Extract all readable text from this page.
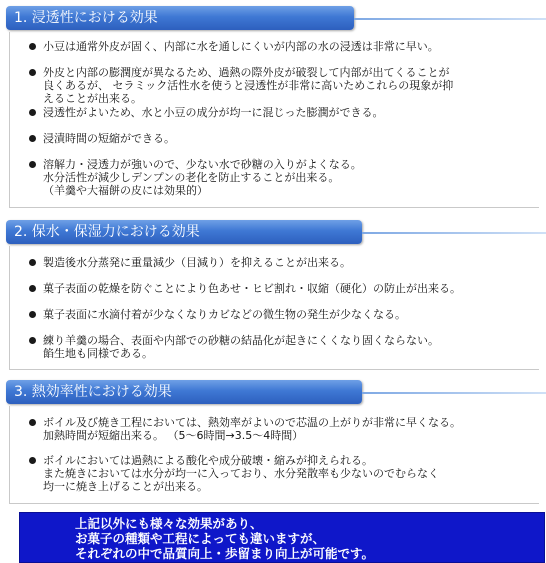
1. 浸透性における効果
小豆は通常外皮が固く、内部に水を通しにくいが内部の水の浸透は非常に早い。
外皮と内部の膨潤度が異なるため、過熱の際外皮が破裂して内部が出てくることが
良くあるが、 セラミック活性水を使うと浸透性が非常に高いためこれらの現象が抑
えることが出来る。
浸透性がよいため、水と小豆の成分が均一に混じった膨潤ができる。
浸漬時間の短縮ができる。
溶解力・浸透力が強いので、少ない水で砂糖の入りがよくなる。
水分活性が減少しデンプンの老化を防止することが出来る。
（羊羹や大福餅の皮には効果的）
2. 保水・保湿力における効果
製造後水分蒸発に重量減少（目減り）を抑えることが出来る。
菓子表面の乾燥を防ぐことにより色あせ・ヒビ割れ・収縮（硬化）の防止が出来る。
菓子表面に水滴付着が少なくなりカビなどの微生物の発生が少なくなる。
練り羊羹の場合、表面や内部での砂糖の結晶化が起きにくくなり固くならない。
餡生地も同様である。
3. 熱効率性における効果
ボイル及び焼き工程においては、熱効率がよいので芯温の上がりが非常に早くなる。
加熱時間が短縮出来る。 （5～6時間→3.5～4時間）
ボイルにおいては過熱による酸化や成分破壊・縮みが抑えられる。
また焼きにおいては水分が均一に入っており、水分発散率も少ないのでむらなく
均一に焼き上げることが出来る。
上記以外にも様々な効果があり、
お菓子の種類や工程によっても違いますが、
それぞれの中で品質向上・歩留まり向上が可能です。
